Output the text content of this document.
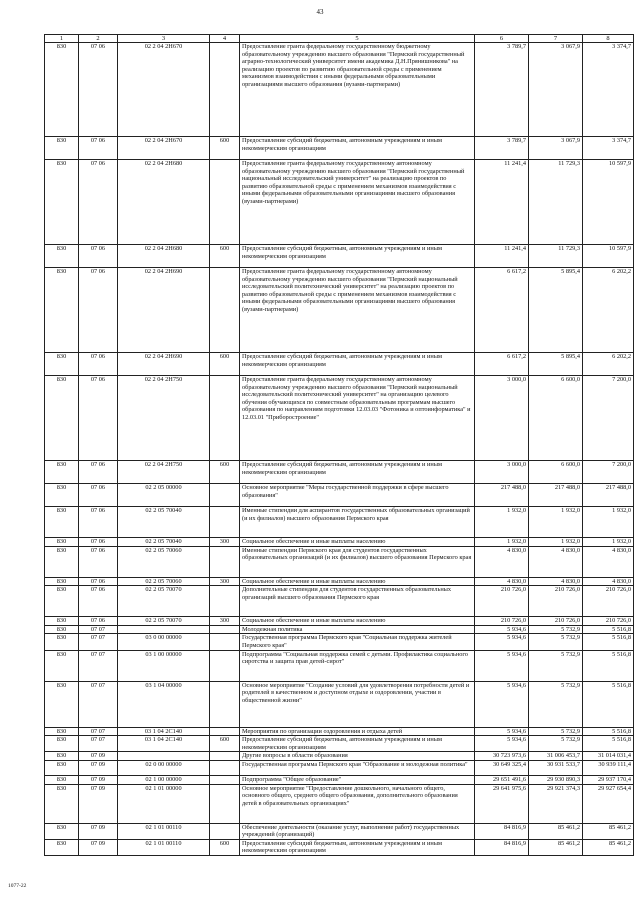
43
1	2	3	4	5	6	7	8
830	07 06	02 2 04 2Н670		Предоставление гранта федеральному государственному бюджетному образовательному учреждению высшего образования "Пермский государственный аграрно-технологический университет имени академика Д.Н.Прянишникова" на реализацию проектов по развитию образовательной среды с применением механизмов взаимодействия с иными федеральными образовательными организациями высшего образования (вузами-партнерами)	3 789,7	3 067,9	3 374,7
830	07 06	02 2 04 2Н670	600	Предоставление субсидий бюджетным, автономным учреждениям и иным некоммерческим организациям	3 789,7	3 067,9	3 374,7
830	07 06	02 2 04 2Н680		Предоставление гранта федеральному государственному автономному образовательному учреждению высшего образования "Пермский государственный национальный исследовательский университет" на реализацию проектов по развитию образовательной среды с применением механизмов взаимодействия с иными федеральными образовательными организациями высшего образования (вузами-партнерами)	11 241,4	11 729,3	10 597,9
830	07 06	02 2 04 2Н680	600	Предоставление субсидий бюджетным, автономным учреждениям и иным некоммерческим организациям	11 241,4	11 729,3	10 597,9
830	07 06	02 2 04 2Н690		Предоставление гранта федеральному государственному автономному образовательному учреждению высшего образования "Пермский национальный исследовательский политехнический университет" на реализацию проектов по развитию образовательной среды с применением механизмов взаимодействия с иными федеральными образовательными организациями высшего образования (вузами-партнерами)	6 617,2	5 895,4	6 202,2
830	07 06	02 2 04 2Н690	600	Предоставление субсидий бюджетным, автономным учреждениям и иным некоммерческим организациям	6 617,2	5 895,4	6 202,2
830	07 06	02 2 04 2Н750		Предоставление гранта федеральному государственному автономному образовательному учреждению высшего образования "Пермский национальный исследовательский политехнический университет" на организацию целевого обучения обучающихся по совместным образовательным программам высшего образования по направлениям подготовки 12.03.03 "Фотоника и оптоинформатика" и 12.03.01 "Приборостроение"	3 000,0	6 600,0	7 200,0
830	07 06	02 2 04 2Н750	600	Предоставление субсидий бюджетным, автономным учреждениям и иным некоммерческим организациям	3 000,0	6 600,0	7 200,0
830	07 06	02 2 05 00000		Основное мероприятие "Меры государственной поддержки в сфере высшего образования"	217 488,0	217 488,0	217 488,0
830	07 06	02 2 05 70040		Именные стипендии для аспирантов государственных образовательных организаций (и их филиалов) высшего образования Пермского края	1 932,0	1 932,0	1 932,0
830	07 06	02 2 05 70040	300	Социальное обеспечение и иные выплаты населению	1 932,0	1 932,0	1 932,0
830	07 06	02 2 05 70060		Именные стипендии Пермского края для студентов государственных образовательных организаций (и их филиалов) высшего образования Пермского края	4 830,0	4 830,0	4 830,0
830	07 06	02 2 05 70060	300	Социальное обеспечение и иные выплаты населению	4 830,0	4 830,0	4 830,0
830	07 06	02 2 05 70070		Дополнительные стипендии для студентов государственных образовательных организаций высшего образования Пермского края	210 726,0	210 726,0	210 726,0
830	07 06	02 2 05 70070	300	Социальное обеспечение и иные выплаты населению	210 726,0	210 726,0	210 726,0
830	07 07			Молодежная политика	5 934,6	5 732,9	5 516,8
830	07 07	03 0 00 00000		Государственная программа Пермского края "Социальная поддержка жителей Пермского края"	5 934,6	5 732,9	5 516,8
830	07 07	03 1 00 00000		Подпрограмма "Социальная поддержка семей с детьми. Профилактика социального сиротства и защита прав детей-сирот"	5 934,6	5 732,9	5 516,8
830	07 07	03 1 04 00000		Основное мероприятие "Создание условий для удовлетворения потребности детей и родителей в качественном и доступном отдыхе и оздоровлении, участии в общественной жизни"	5 934,6	5 732,9	5 516,8
830	07 07	03 1 04 2С140		Мероприятия по организации оздоровления и отдыха детей	5 934,6	5 732,9	5 516,8
830	07 07	03 1 04 2С140	600	Предоставление субсидий бюджетным, автономным учреждениям и иным некоммерческим организациям	5 934,6	5 732,9	5 516,8
830	07 09			Другие вопросы в области образования	30 723 973,6	31 006 453,7	31 014 031,4
830	07 09	02 0 00 00000		Государственная программа Пермского края "Образование и молодежная политика"	30 649 325,4	30 931 533,7	30 939 111,4
830	07 09	02 1 00 00000		Подпрограмма "Общее образование"	29 651 491,6	29 930 890,3	29 937 170,4
830	07 09	02 1 01 00000		Основное мероприятие "Предоставление дошкольного, начального общего, основного общего, среднего общего образования, дополнительного образования детей в образовательных организациях"	29 641 975,6	29 921 374,3	29 927 654,4
830	07 09	02 1 01 00110		Обеспечение деятельности (оказание услуг, выполнение работ) государственных учреждений (организаций)	84 816,9	85 461,2	85 461,2
830	07 09	02 1 01 00110	600	Предоставление субсидий бюджетным, автономным учреждениям и иным некоммерческим организациям	84 816,9	85 461,2	85 461,2
1077-22
